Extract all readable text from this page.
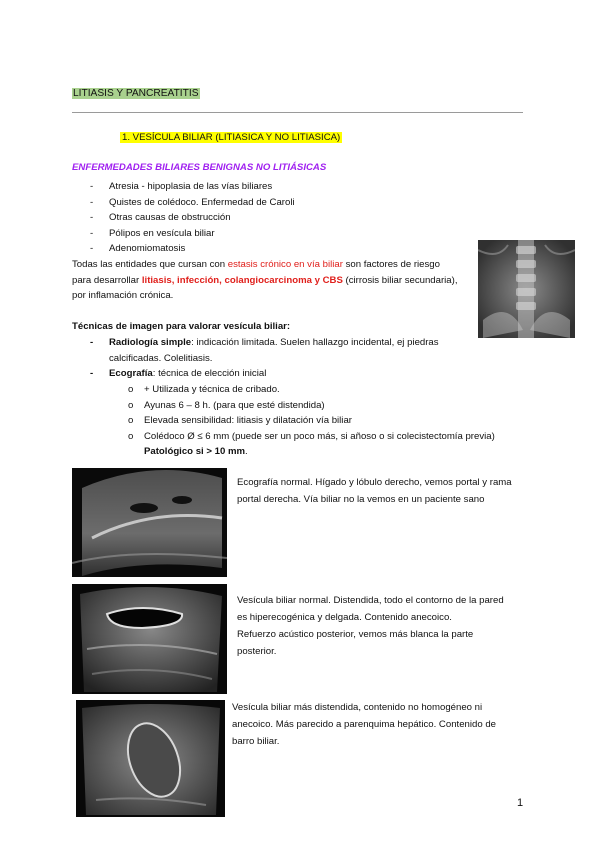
LITIASIS Y PANCREATITIS
1. VESÍCULA BILIAR (LITIASICA Y NO LITIASICA)
ENFERMEDADES BILIARES BENIGNAS NO LITIÁSICAS
- Atresia - hipoplasia de las vías biliares
- Quistes de colédoco. Enfermedad de Caroli
- Otras causas de obstrucción
- Pólipos en vesícula biliar
- Adenomiomatosis
Todas las entidades que cursan con estasis crónico en vía biliar son factores de riesgo
para desarrollar litiasis, infección, colangiocarcinoma y CBS (cirrosis biliar secundaria),
por inflamación crónica.
Técnicas de imagen para valorar vesícula biliar:
- Radiología simple: indicación limitada. Suelen hallazgo incidental, ej piedras
calcificadas. Colelitiasis.
- Ecografía: técnica de elección inicial
o + Utilizada y técnica de cribado.
o Ayunas 6 – 8 h. (para que esté distendida)
o Elevada sensibilidad: litiasis y dilatación vía biliar
o Colédoco Ø ≤ 6 mm (puede ser un poco más, si añoso o si colecistectomía previa)
Patológico si > 10 mm.
Ecografía normal. Hígado y lóbulo derecho, vemos portal y rama
portal derecha. Vía biliar no la vemos en un paciente sano
Vesícula biliar normal. Distendida, todo el contorno de la pared
es hiperecogénica y delgada. Contenido anecoico.
Refuerzo acústico posterior, vemos más blanca la parte
posterior.
Vesícula biliar más distendida, contenido no homogéneo ni
anecoico. Más parecido a parenquima hepático. Contenido de
barro biliar.
1
